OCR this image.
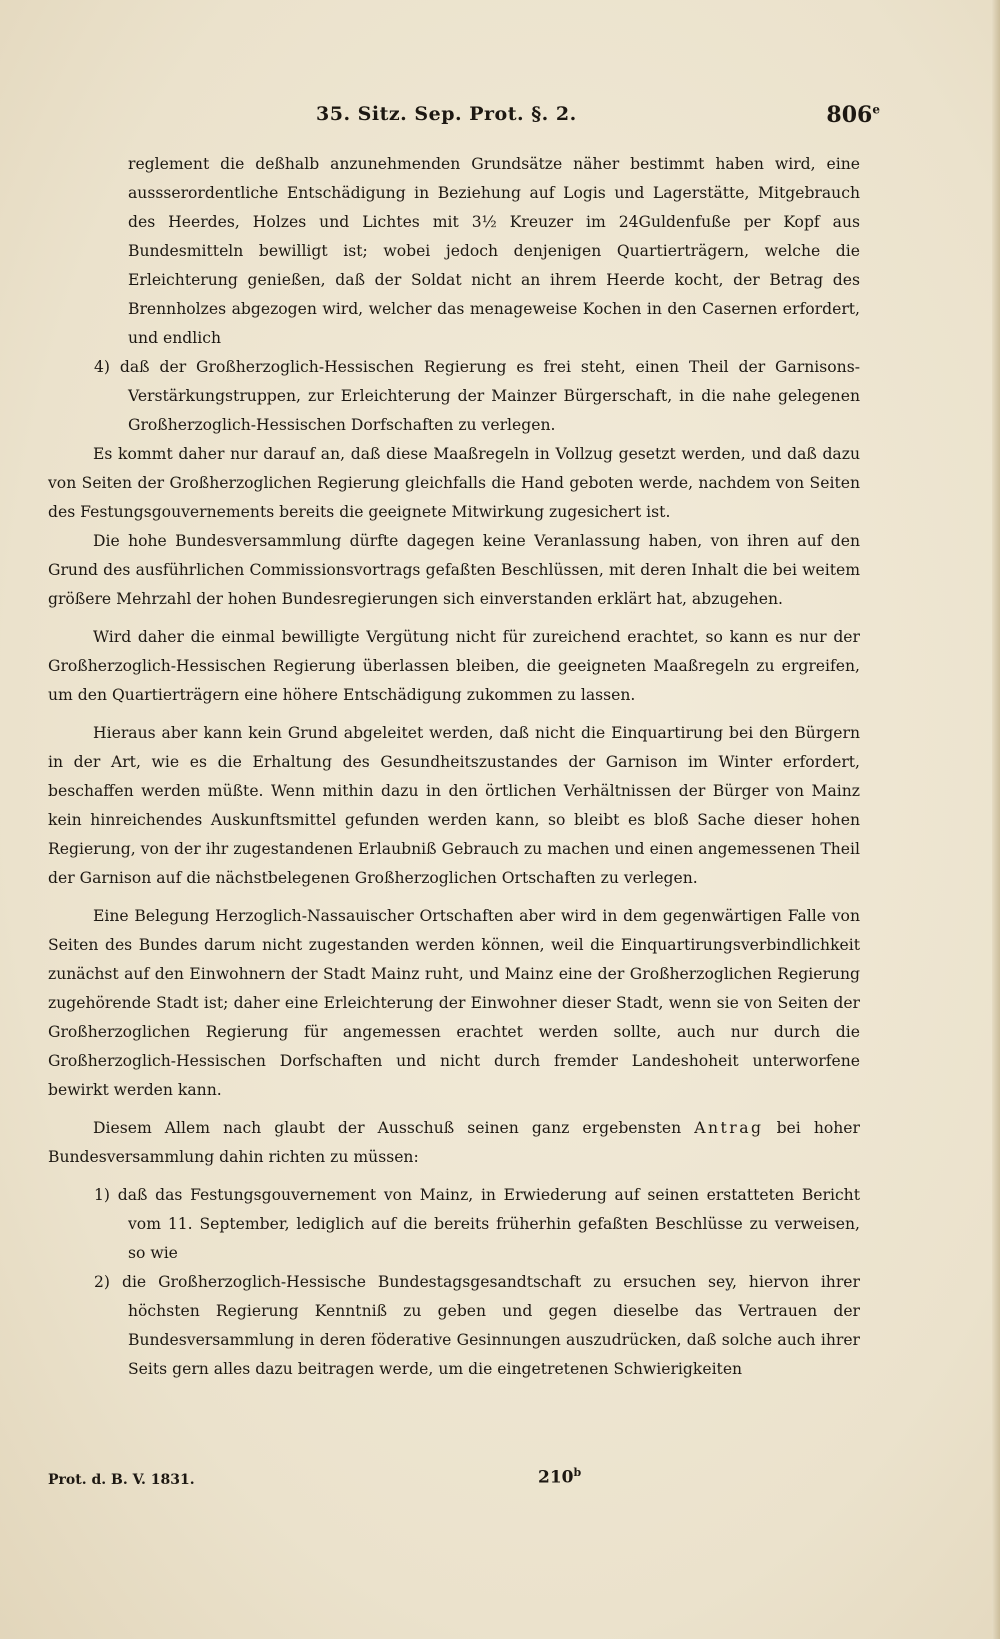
35. Sitz. Sep. Prot. §. 2.	806e

reglement die deßhalb anzunehmenden Grundsätze näher bestimmt haben wird, eine aussserordentliche Entschädigung in Beziehung auf Logis und Lagerstätte, Mitgebrauch des Heerdes, Holzes und Lichtes mit 3½ Kreuzer im 24Guldenfuße per Kopf aus Bundesmitteln bewilligt ist; wobei jedoch denjenigen Quartierträgern, welche die Erleichterung genießen, daß der Soldat nicht an ihrem Heerde kocht, der Betrag des Brennholzes abgezogen wird, welcher das menageweise Kochen in den Casernen erfordert, und endlich

4) daß der Großherzoglich-Hessischen Regierung es frei steht, einen Theil der Garnisons-Verstärkungstruppen, zur Erleichterung der Mainzer Bürgerschaft, in die nahe gelegenen Großherzoglich-Hessischen Dorfschaften zu verlegen.

Es kommt daher nur darauf an, daß diese Maaßregeln in Vollzug gesetzt werden, und daß dazu von Seiten der Großherzoglichen Regierung gleichfalls die Hand geboten werde, nachdem von Seiten des Festungsgouvernements bereits die geeignete Mitwirkung zugesichert ist.

Die hohe Bundesversammlung dürfte dagegen keine Veranlassung haben, von ihren auf den Grund des ausführlichen Commissionsvortrags gefaßten Beschlüssen, mit deren Inhalt die bei weitem größere Mehrzahl der hohen Bundesregierungen sich einverstanden erklärt hat, abzugehen.

Wird daher die einmal bewilligte Vergütung nicht für zureichend erachtet, so kann es nur der Großherzoglich-Hessischen Regierung überlassen bleiben, die geeigneten Maaßregeln zu ergreifen, um den Quartierträgern eine höhere Entschädigung zukommen zu lassen.

Hieraus aber kann kein Grund abgeleitet werden, daß nicht die Einquartirung bei den Bürgern in der Art, wie es die Erhaltung des Gesundheitszustandes der Garnison im Winter erfordert, beschaffen werden müßte. Wenn mithin dazu in den örtlichen Verhältnissen der Bürger von Mainz kein hinreichendes Auskunftsmittel gefunden werden kann, so bleibt es bloß Sache dieser hohen Regierung, von der ihr zugestandenen Erlaubniß Gebrauch zu machen und einen angemessenen Theil der Garnison auf die nächstbelegenen Großherzoglichen Ortschaften zu verlegen.

Eine Belegung Herzoglich-Nassauischer Ortschaften aber wird in dem gegenwärtigen Falle von Seiten des Bundes darum nicht zugestanden werden können, weil die Einquartirungsverbindlichkeit zunächst auf den Einwohnern der Stadt Mainz ruht, und Mainz eine der Großherzoglichen Regierung zugehörende Stadt ist; daher eine Erleichterung der Einwohner dieser Stadt, wenn sie von Seiten der Großherzoglichen Regierung für angemessen erachtet werden sollte, auch nur durch die Großherzoglich-Hessischen Dorfschaften und nicht durch fremder Landeshoheit unterworfene bewirkt werden kann.

Diesem Allem nach glaubt der Ausschuß seinen ganz ergebensten Antrag bei hoher Bundesversammlung dahin richten zu müssen:

1) daß das Festungsgouvernement von Mainz, in Erwiederung auf seinen erstatteten Bericht vom 11. September, lediglich auf die bereits früherhin gefaßten Beschlüsse zu verweisen, so wie

2) die Großherzoglich-Hessische Bundestagsgesandtschaft zu ersuchen sey, hiervon ihrer höchsten Regierung Kenntniß zu geben und gegen dieselbe das Vertrauen der Bundesversammlung in deren föderative Gesinnungen auszudrücken, daß solche auch ihrer Seits gern alles dazu beitragen werde, um die eingetretenen Schwierigkeiten

Prot. d. B. V. 1831.	210$^b$
